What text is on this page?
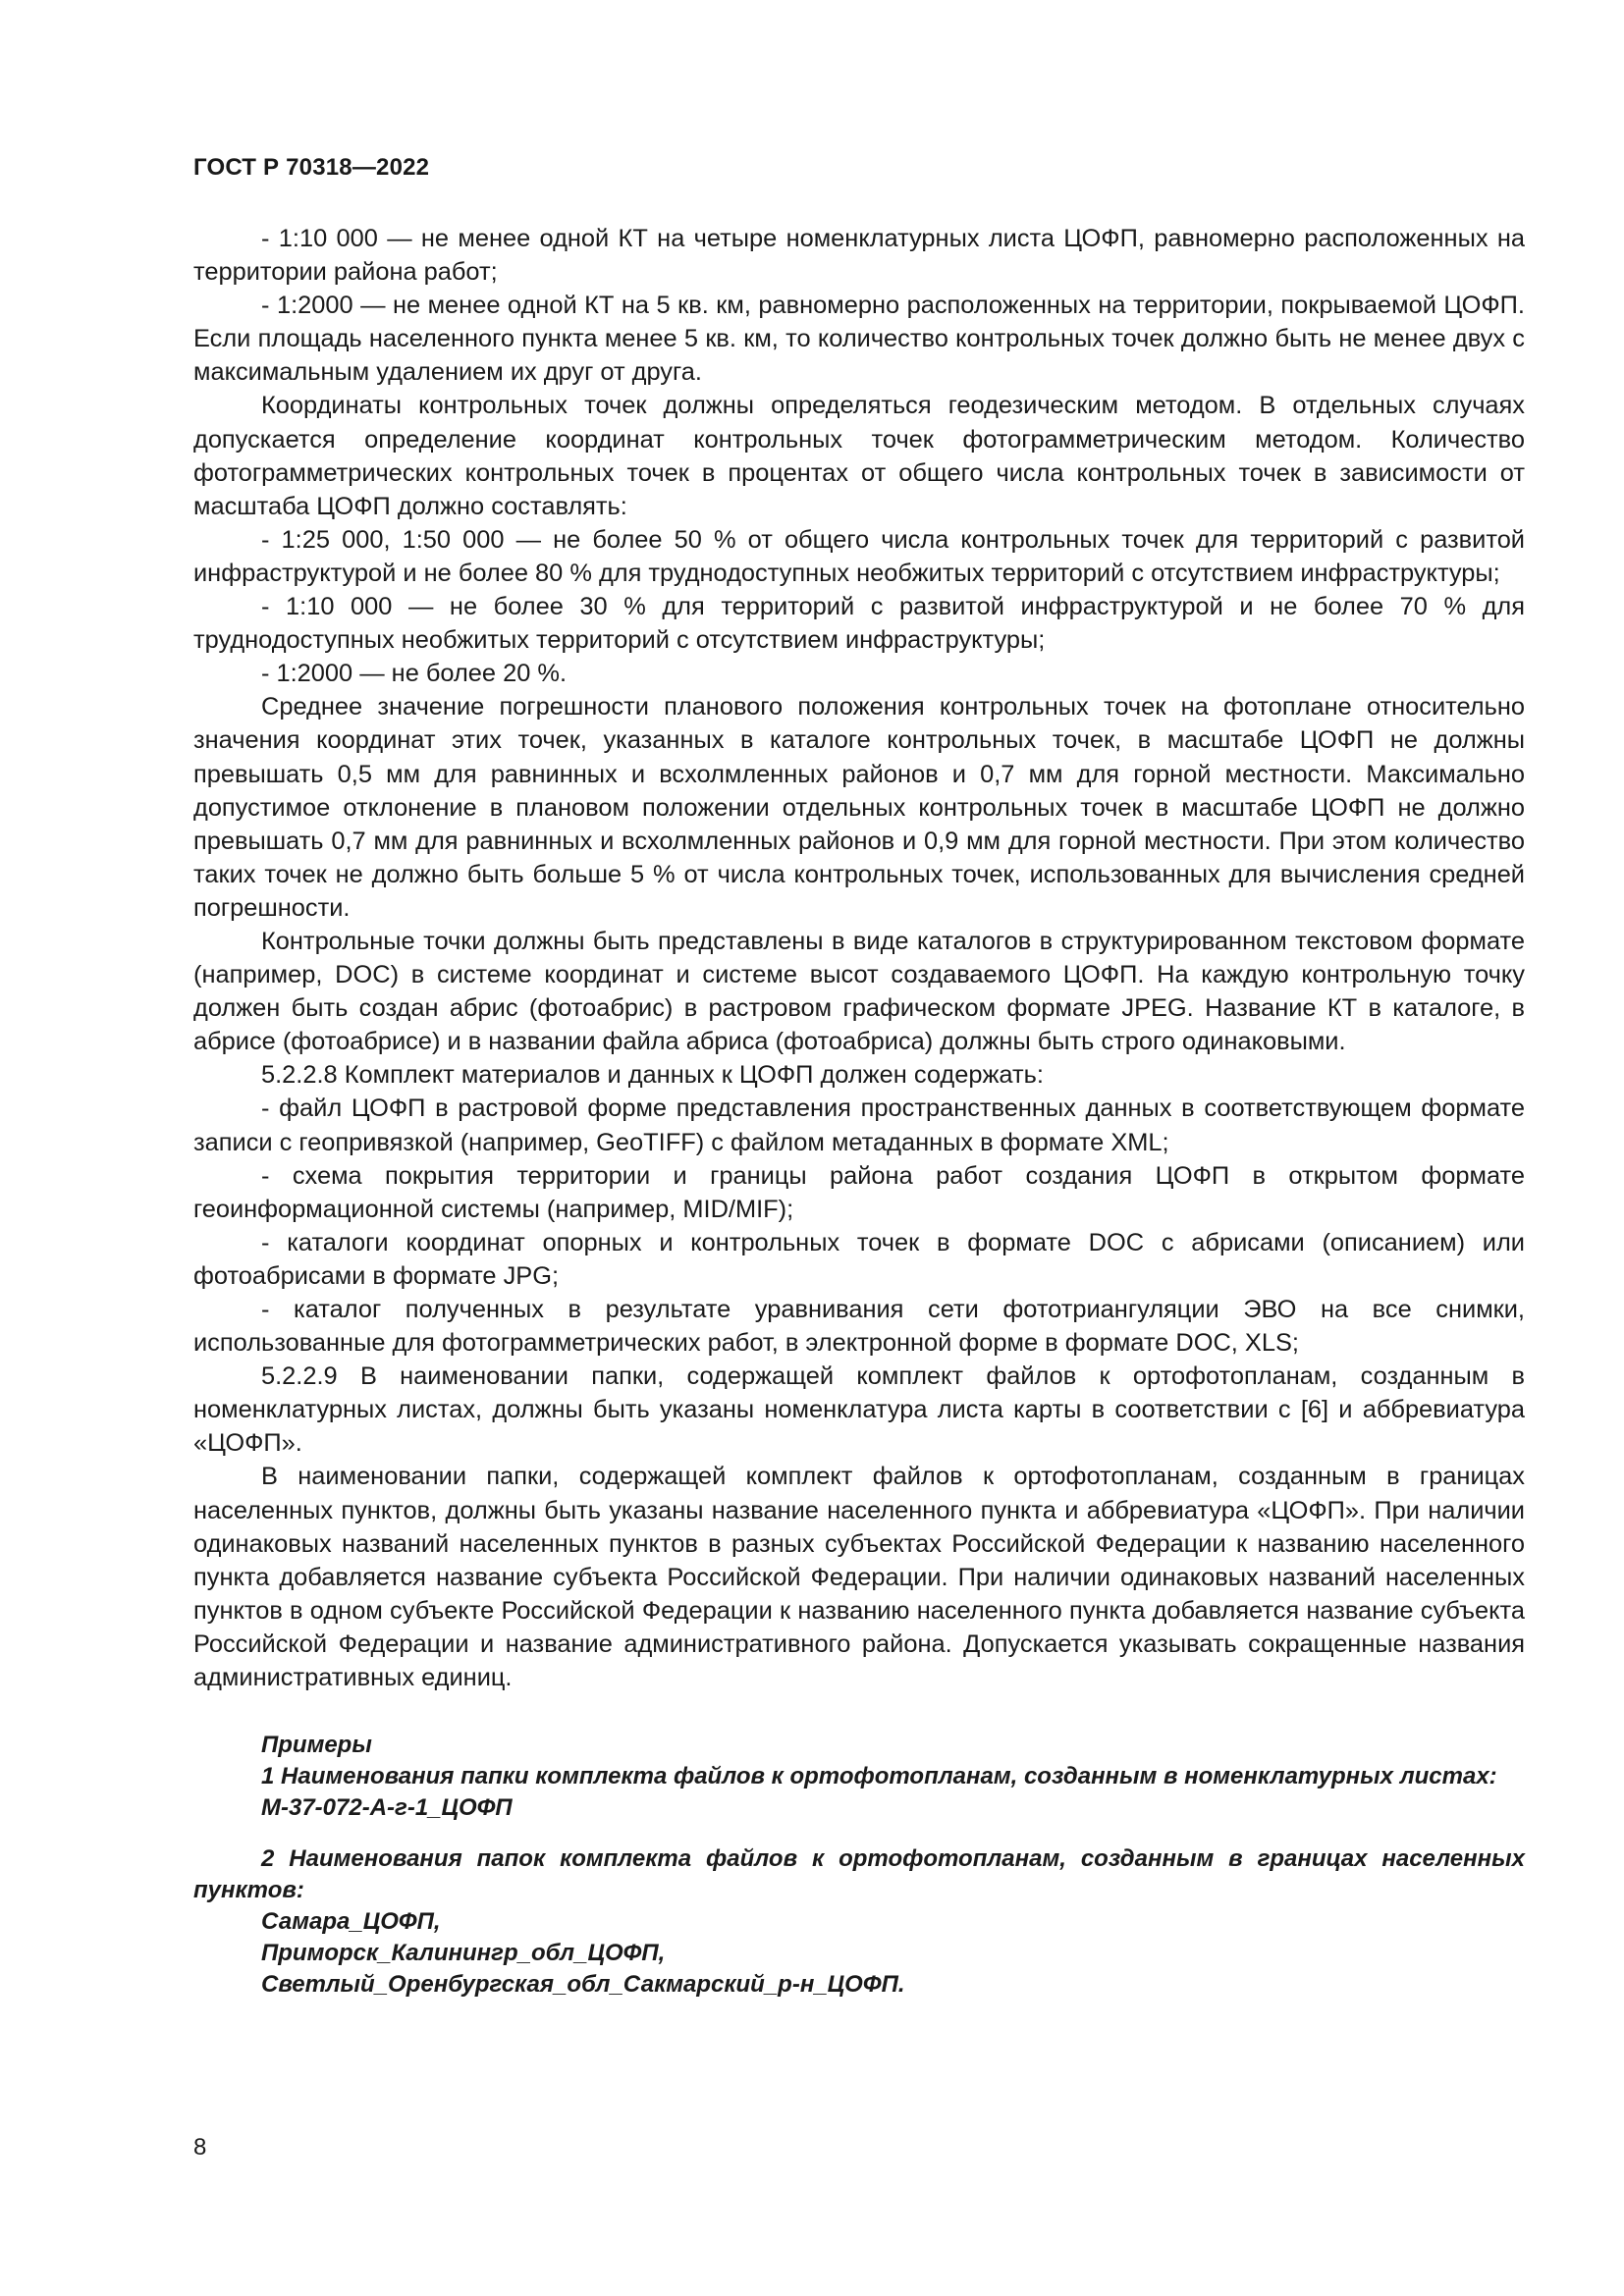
ГОСТ Р 70318—2022

- 1:10 000 — не менее одной КТ на четыре номенклатурных листа ЦОФП, равномерно расположенных на территории района работ;

- 1:2000 — не менее одной КТ на 5 кв. км, равномерно расположенных на территории, покрываемой ЦОФП. Если площадь населенного пункта менее 5 кв. км, то количество контрольных точек должно быть не менее двух с максимальным удалением их друг от друга.

Координаты контрольных точек должны определяться геодезическим методом. В отдельных случаях допускается определение координат контрольных точек фотограмметрическим методом. Количество фотограмметрических контрольных точек в процентах от общего числа контрольных точек в зависимости от масштаба ЦОФП должно составлять:

- 1:25 000, 1:50 000 — не более 50 % от общего числа контрольных точек для территорий с развитой инфраструктурой и не более 80 % для труднодоступных необжитых территорий с отсутствием инфраструктуры;

- 1:10 000 — не более 30 % для территорий с развитой инфраструктурой и не более 70 % для труднодоступных необжитых территорий с отсутствием инфраструктуры;

- 1:2000 — не более 20 %.

Среднее значение погрешности планового положения контрольных точек на фотоплане относительно значения координат этих точек, указанных в каталоге контрольных точек, в масштабе ЦОФП не должны превышать 0,5 мм для равнинных и всхолмленных районов и 0,7 мм для горной местности. Максимально допустимое отклонение в плановом положении отдельных контрольных точек в масштабе ЦОФП не должно превышать 0,7 мм для равнинных и всхолмленных районов и 0,9 мм для горной местности. При этом количество таких точек не должно быть больше 5 % от числа контрольных точек, использованных для вычисления средней погрешности.

Контрольные точки должны быть представлены в виде каталогов в структурированном текстовом формате (например, DOC) в системе координат и системе высот создаваемого ЦОФП. На каждую контрольную точку должен быть создан абрис (фотоабрис) в растровом графическом формате JPEG. Название КТ в каталоге, в абрисе (фотоабрисе) и в названии файла абриса (фотоабриса) должны быть строго одинаковыми.

5.2.2.8 Комплект материалов и данных к ЦОФП должен содержать:

- файл ЦОФП в растровой форме представления пространственных данных в соответствующем формате записи с геопривязкой (например, GeoTIFF) с файлом метаданных в формате XML;

- схема покрытия территории и границы района работ создания ЦОФП в открытом формате геоинформационной системы (например, MID/MIF);

- каталоги координат опорных и контрольных точек в формате DOC с абрисами (описанием) или фотоабрисами в формате JPG;

- каталог полученных в результате уравнивания сети фототриангуляции ЭВО на все снимки, использованные для фотограмметрических работ, в электронной форме в формате DOC, XLS;

5.2.2.9 В наименовании папки, содержащей комплект файлов к ортофотопланам, созданным в номенклатурных листах, должны быть указаны номенклатура листа карты в соответствии с [6] и аббревиатура «ЦОФП».

В наименовании папки, содержащей комплект файлов к ортофотопланам, созданным в границах населенных пунктов, должны быть указаны название населенного пункта и аббревиатура «ЦОФП». При наличии одинаковых названий населенных пунктов в разных субъектах Российской Федерации к названию населенного пункта добавляется название субъекта Российской Федерации. При наличии одинаковых названий населенных пунктов в одном субъекте Российской Федерации к названию населенного пункта добавляется название субъекта Российской Федерации и название административного района. Допускается указывать сокращенные названия административных единиц.

Примеры

1 Наименования папки комплекта файлов к ортофотопланам, созданным в номенклатурных листах:

М-37-072-А-г-1_ЦОФП

2 Наименования папок комплекта файлов к ортофотопланам, созданным в границах населенных пунктов:

Самара_ЦОФП,
Приморск_Калинингр_обл_ЦОФП,
Светлый_Оренбургская_обл_Сакмарский_р-н_ЦОФП.
8
